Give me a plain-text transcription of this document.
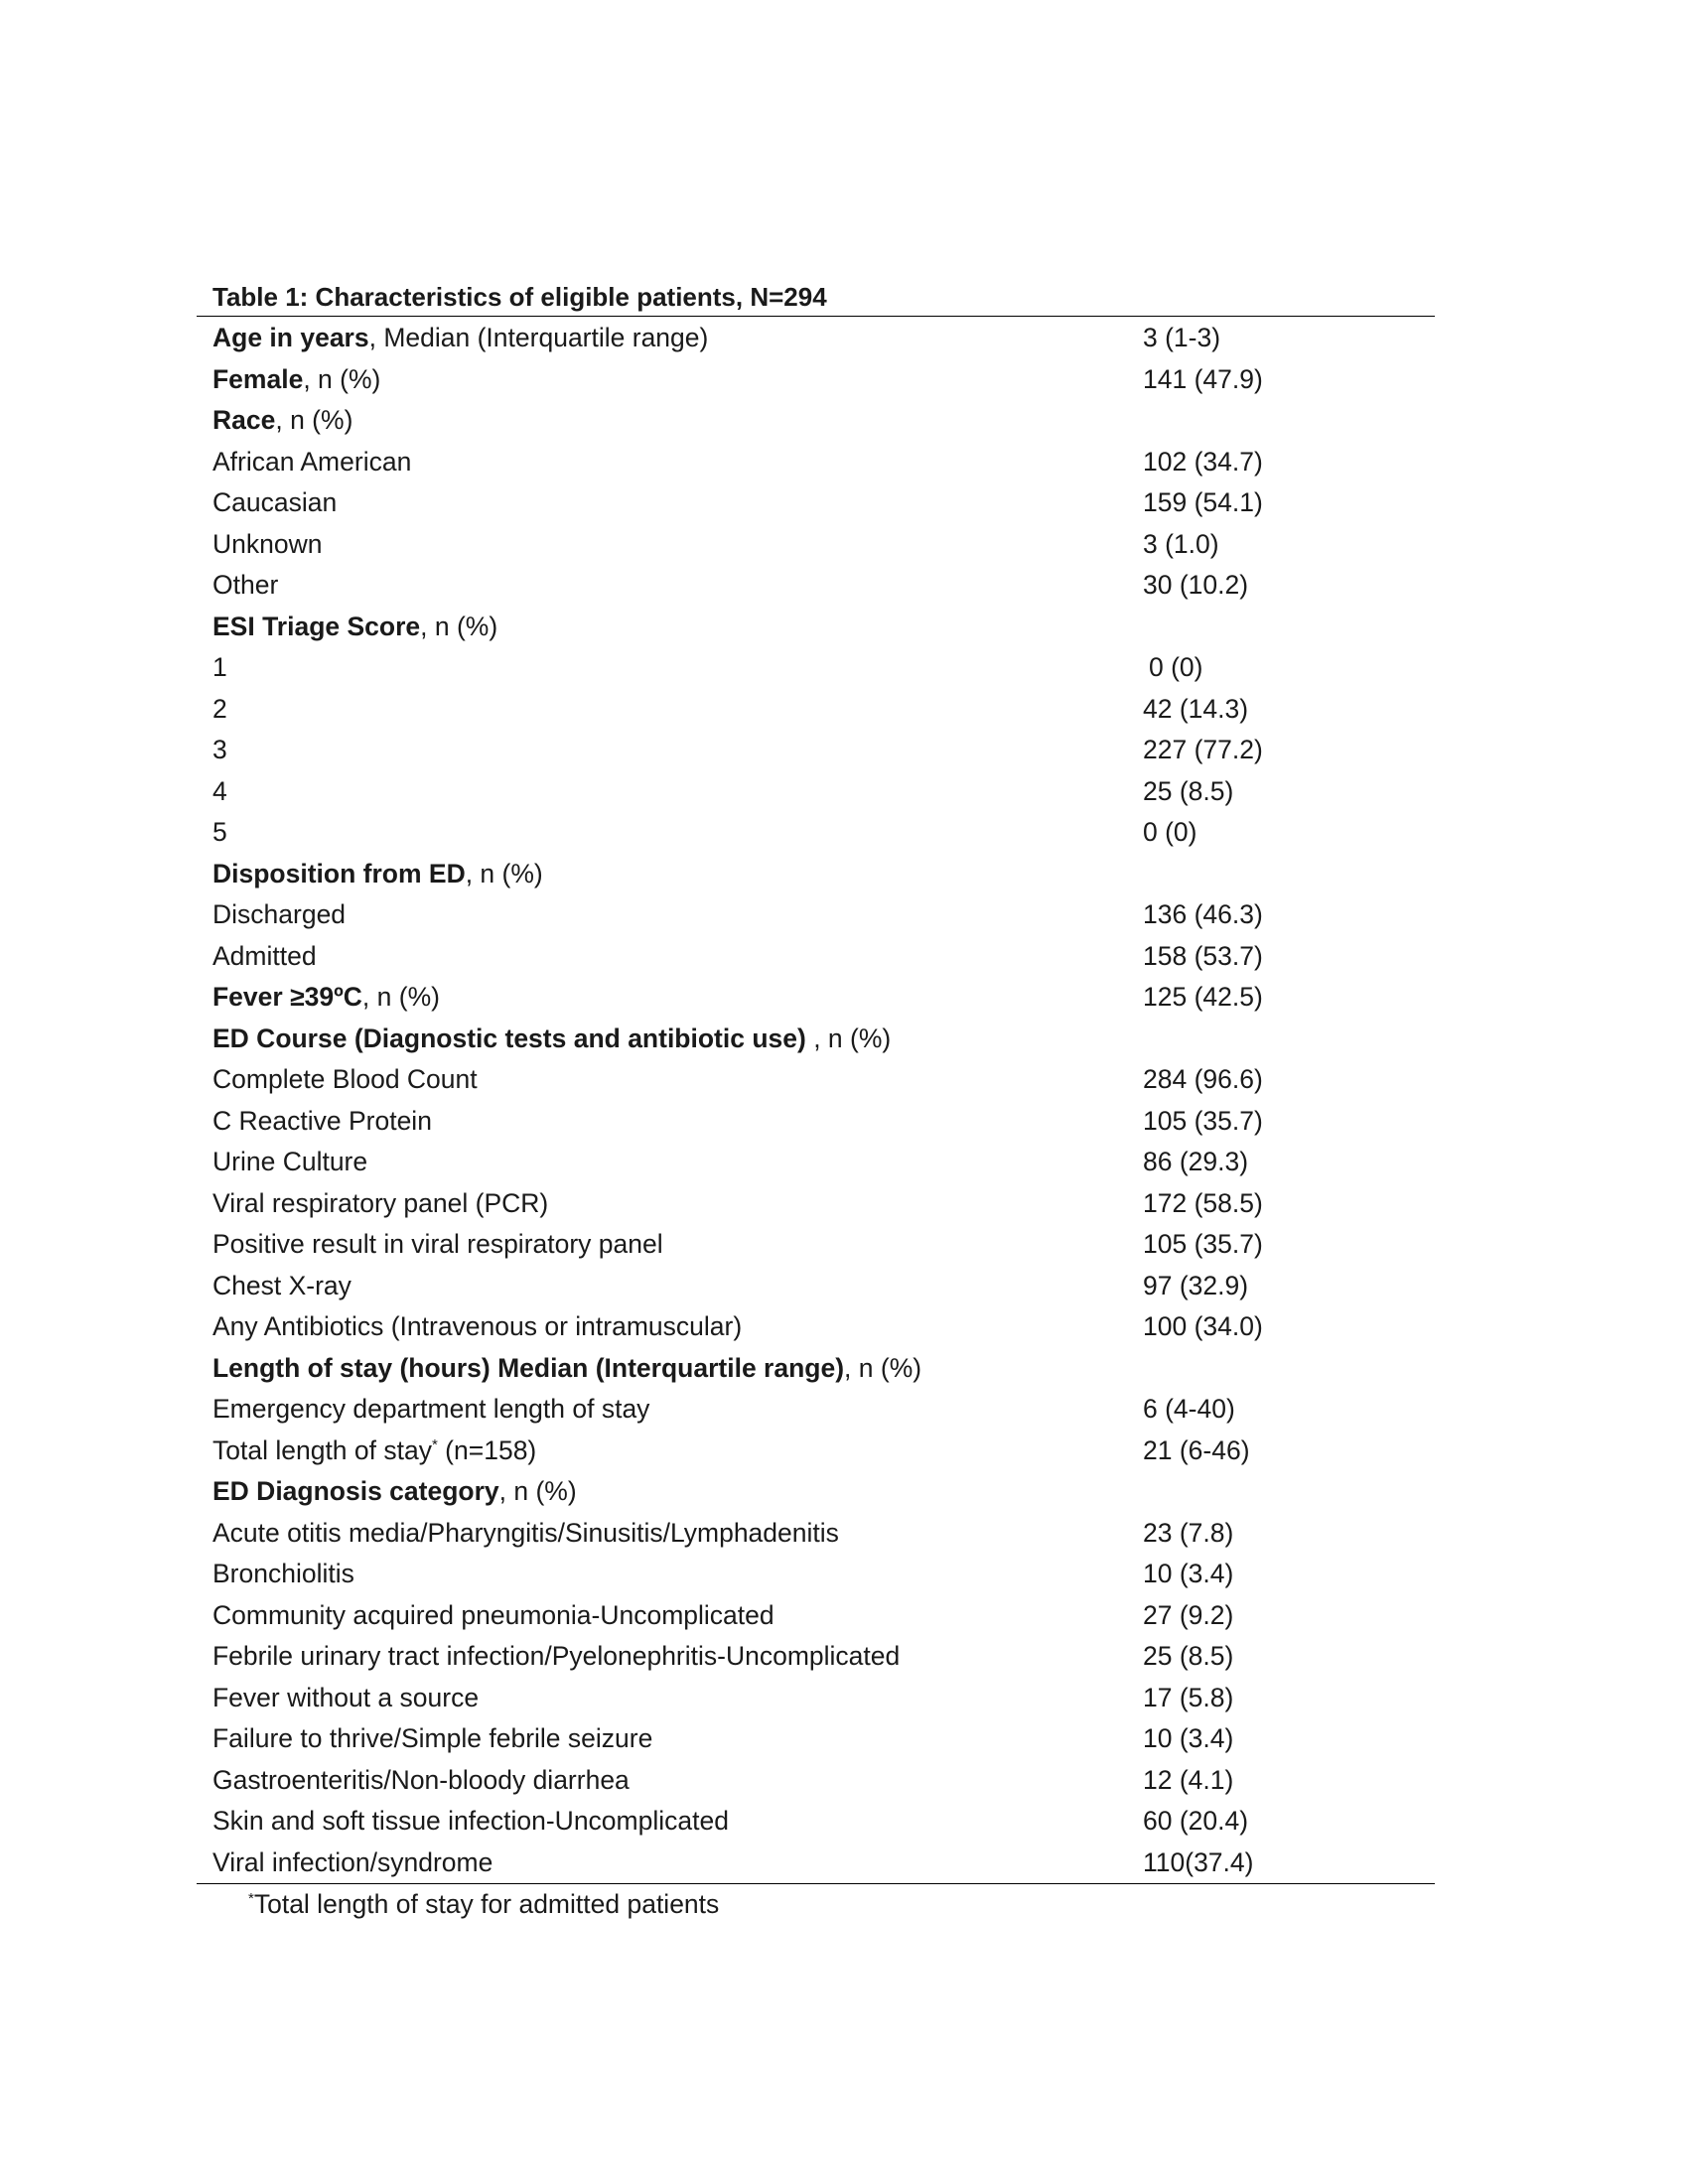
Table 1: Characteristics of eligible patients, N=294
Age in years, Median (Interquartile range)	3 (1-3)
Female, n (%)	141 (47.9)
Race, n (%)
African American	102 (34.7)
Caucasian	159 (54.1)
Unknown	3 (1.0)
Other	30 (10.2)
ESI Triage Score, n (%)
1	0 (0)
2	42 (14.3)
3	227 (77.2)
4	25 (8.5)
5	0 (0)
Disposition from ED, n (%)
Discharged	136 (46.3)
Admitted	158 (53.7)
Fever ≥39ºC, n (%)	125 (42.5)
ED Course (Diagnostic tests and antibiotic use) , n (%)
Complete Blood Count	284 (96.6)
C Reactive Protein	105 (35.7)
Urine Culture	86 (29.3)
Viral respiratory panel (PCR)	172 (58.5)
Positive result in viral respiratory panel	105 (35.7)
Chest X-ray	97 (32.9)
Any Antibiotics (Intravenous or intramuscular)	100 (34.0)
Length of stay (hours) Median (Interquartile range), n (%)
Emergency department length of stay	6 (4-40)
Total length of stay* (n=158)	21 (6-46)
ED Diagnosis category, n (%)
Acute otitis media/Pharyngitis/Sinusitis/Lymphadenitis	23 (7.8)
Bronchiolitis	10 (3.4)
Community acquired pneumonia-Uncomplicated	27 (9.2)
Febrile urinary tract infection/Pyelonephritis-Uncomplicated	25 (8.5)
Fever without a source	17 (5.8)
Failure to thrive/Simple febrile seizure	10 (3.4)
Gastroenteritis/Non-bloody diarrhea	12 (4.1)
Skin and soft tissue infection-Uncomplicated	60 (20.4)
Viral infection/syndrome	110(37.4)
*Total length of stay for admitted patients
